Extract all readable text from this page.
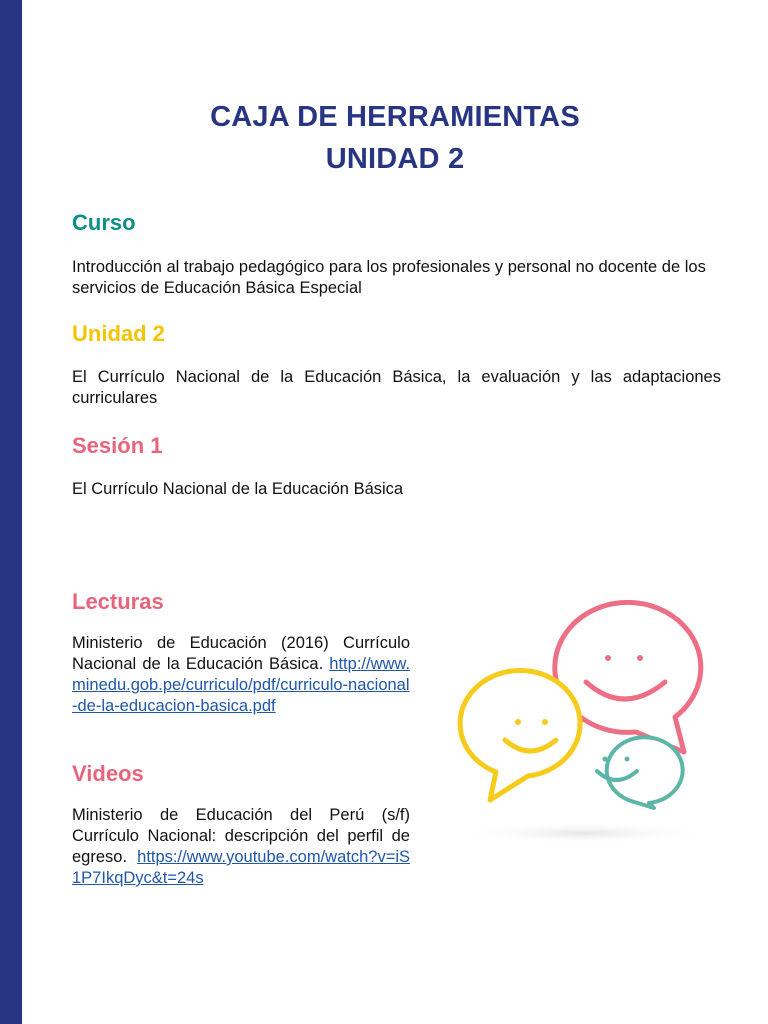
CAJA DE HERRAMIENTAS
UNIDAD 2
Curso

Introducción al trabajo pedagógico para los profesionales y personal no docente de los servicios de Educación Básica Especial

Unidad 2

El Currículo Nacional de la Educación Básica, la evaluación y las adaptaciones curriculares

Sesión 1

El Currículo Nacional de la Educación Básica

Lecturas

Ministerio de Educación (2016) Currículo Nacional de la Educación Básica. http://www.minedu.gob.pe/curriculo/pdf/curriculo-nacional-de-la-educacion-basica.pdf

Videos

Ministerio de Educación del Perú (s/f) Currículo Nacional: descripción del perfil de egreso. https://www.youtube.com/watch?v=iS1P7IkqDyc&t=24s
